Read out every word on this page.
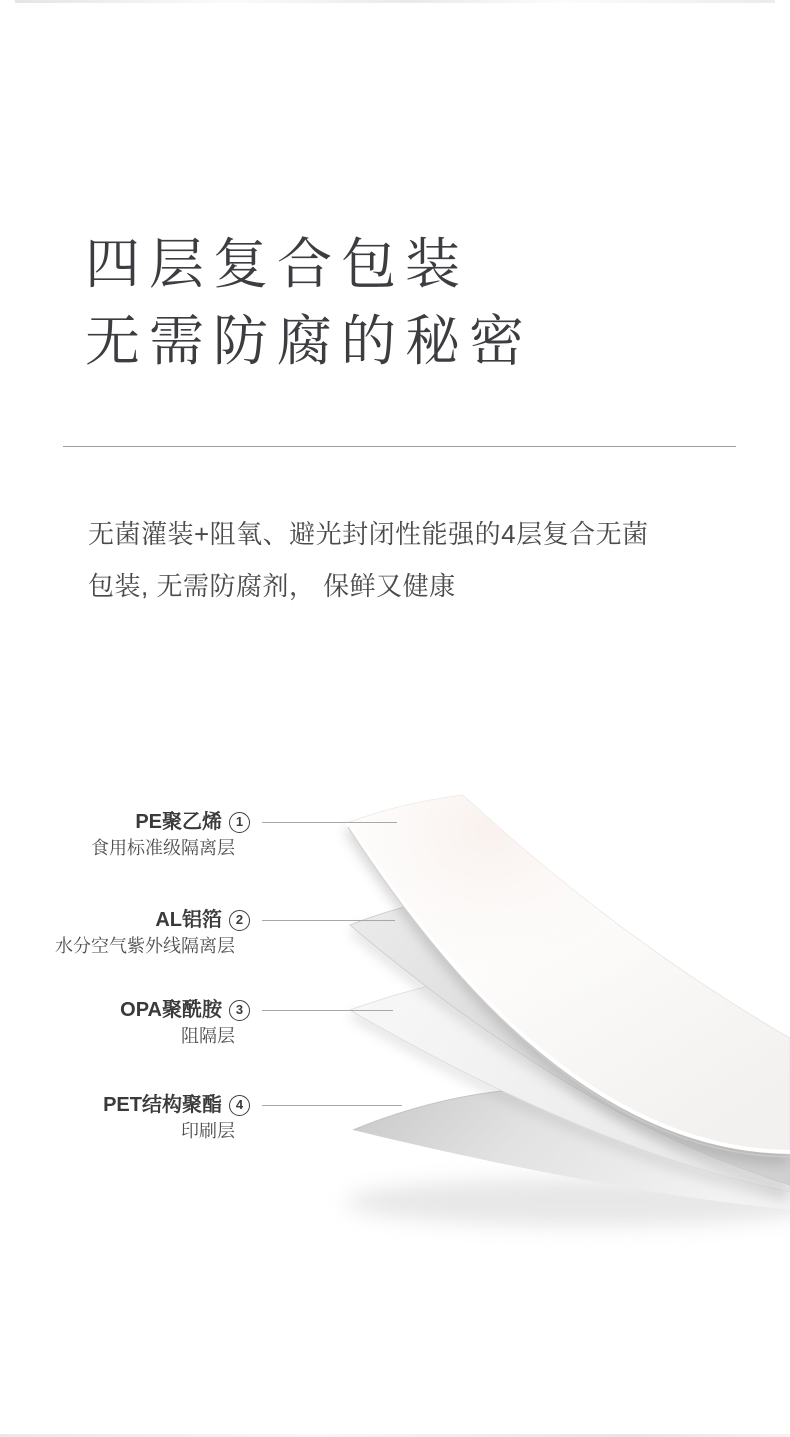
四层复合包装
无需防腐的秘密

无菌灌装+阻氧、避光封闭性能强的4层复合无菌包装, 无需防腐剂， 保鲜又健康

PE聚乙烯 1
食用标准级隔离层
AL铝箔 2
水分空气紫外线隔离层
OPA聚酰胺 3
阻隔层
PET结构聚酯 4
印刷层
